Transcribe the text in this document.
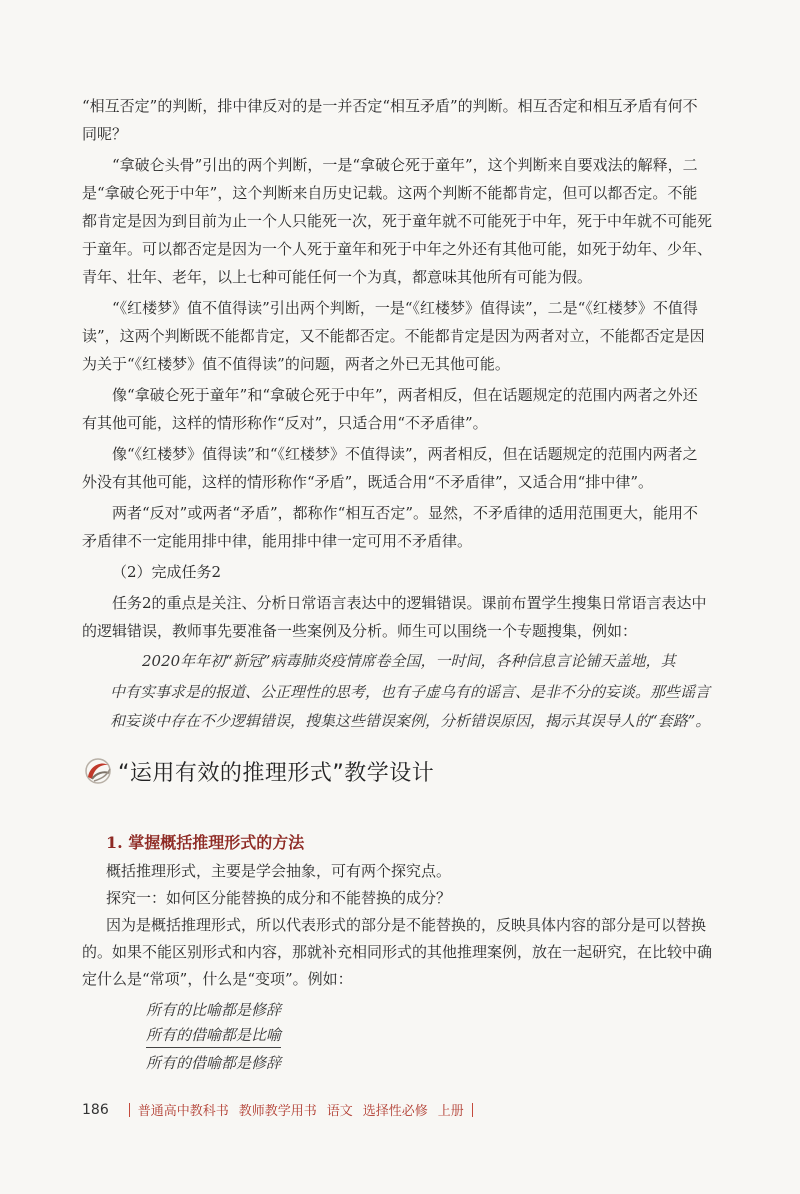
“相互否定”的判断，排中律反对的是一并否定“相互矛盾”的判断。相互否定和相互矛盾有何不同呢？

“拿破仑头骨”引出的两个判断，一是“拿破仑死于童年”，这个判断来自要戏法的解释，二是“拿破仑死于中年”，这个判断来自历史记载。这两个判断不能都肯定，但可以都否定。不能都肯定是因为到目前为止一个人只能死一次，死于童年就不可能死于中年，死于中年就不可能死于童年。可以都否定是因为一个人死于童年和死于中年之外还有其他可能，如死于幼年、少年、青年、壮年、老年，以上七种可能任何一个为真，都意味其他所有可能为假。

“《红楼梦》值不值得读”引出两个判断，一是“《红楼梦》值得读”，二是“《红楼梦》不值得读”，这两个判断既不能都肯定，又不能都否定。不能都肯定是因为两者对立，不能都否定是因为关于“《红楼梦》值不值得读”的问题，两者之外已无其他可能。

像“拿破仑死于童年”和“拿破仑死于中年”，两者相反，但在话题规定的范围内两者之外还有其他可能，这样的情形称作“反对”，只适合用“不矛盾律”。

像“《红楼梦》值得读”和“《红楼梦》不值得读”，两者相反，但在话题规定的范围内两者之外没有其他可能，这样的情形称作“矛盾”，既适合用“不矛盾律”，又适合用“排中律”。

两者“反对”或两者“矛盾”，都称作“相互否定”。显然，不矛盾律的适用范围更大，能用不矛盾律不一定能用排中律，能用排中律一定可用不矛盾律。

（2）完成任务2

任务2的重点是关注、分析日常语言表达中的逻辑错误。课前布置学生搜集日常语言表达中的逻辑错误，教师事先要准备一些案例及分析。师生可以围绕一个专题搜集，例如：

2020年年初“新冠”病毒肺炎疫情席卷全国，一时间，各种信息言论铺天盖地，其
中有实事求是的报道、公正理性的思考，也有子虚乌有的谣言、是非不分的妄谈。那些谣言和妄谈中存在不少逻辑错误，搜集这些错误案例，分析错误原因，揭示其误导人的“套路”。
“运用有效的推理形式”教学设计
1. 掌握概括推理形式的方法

概括推理形式，主要是学会抽象，可有两个探究点。

探究一：如何区分能替换的成分和不能替换的成分？

因为是概括推理形式，所以代表形式的部分是不能替换的，反映具体内容的部分是可以替换的。如果不能区别形式和内容，那就补充相同形式的其他推理案例，放在一起研究，在比较中确定什么是“常项”，什么是“变项”。例如：

所有的比喻都是修辞
所有的借喻都是比喻
所有的借喻都是修辞
186 普通高中教科书 教师教学用书 语文 选择性必修 上册
